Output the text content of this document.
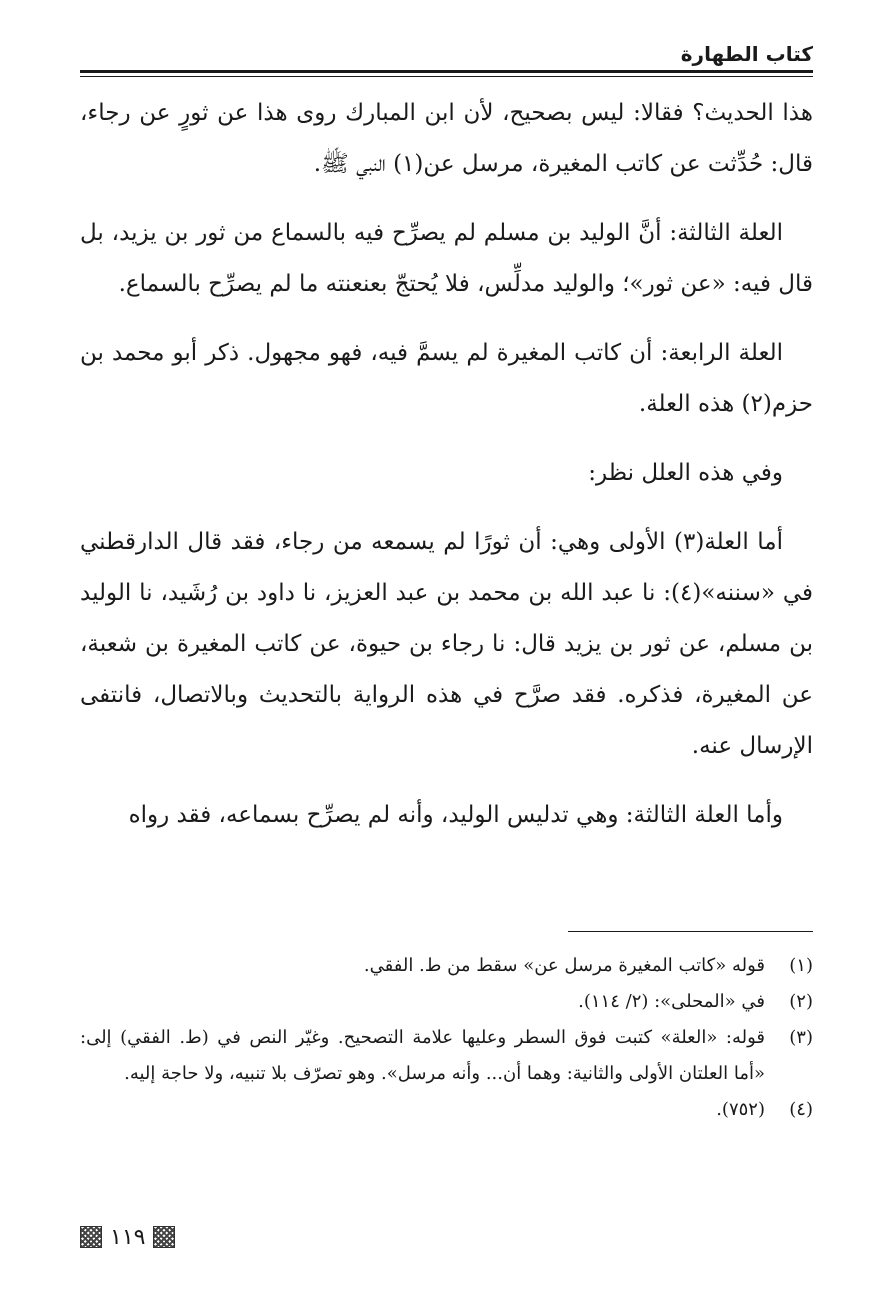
كتاب الطهارة

هذا الحديث؟ فقالا: ليس بصحيح، لأن ابن المبارك روى هذا عن ثورٍ عن رجاء، قال: حُدِّثت عن كاتب المغيرة، مرسل عن(١) النبي ﷺ.

العلة الثالثة: أنَّ الوليد بن مسلم لم يصرِّح فيه بالسماع من ثور بن يزيد، بل قال فيه: «عن ثور»؛ والوليد مدلِّس، فلا يُحتجّ بعنعنته ما لم يصرِّح بالسماع.

العلة الرابعة: أن كاتب المغيرة لم يسمَّ فيه، فهو مجهول. ذكر أبو محمد بن حزم(٢) هذه العلة.

وفي هذه العلل نظر:

أما العلة(٣) الأولى وهي: أن ثورًا لم يسمعه من رجاء، فقد قال الدارقطني في «سننه»(٤): نا عبد الله بن محمد بن عبد العزيز، نا داود بن رُشَيد، نا الوليد بن مسلم، عن ثور بن يزيد قال: نا رجاء بن حيوة، عن كاتب المغيرة بن شعبة، عن المغيرة، فذكره. فقد صرَّح في هذه الرواية بالتحديث وبالاتصال، فانتفى الإرسال عنه.

وأما العلة الثالثة: وهي تدليس الوليد، وأنه لم يصرِّح بسماعه، فقد رواه

(١)
قوله «كاتب المغيرة مرسل عن» سقط من ط. الفقي.
(٢)
في «المحلى»: (٢/ ١١٤).
(٣)
قوله: «العلة» كتبت فوق السطر وعليها علامة التصحيح. وغيّر النص في (ط. الفقي) إلى: «أما العلتان الأولى والثانية: وهما أن... وأنه مرسل». وهو تصرّف بلا تنبيه، ولا حاجة إليه.
(٤)
(٧٥٢).
١١٩
